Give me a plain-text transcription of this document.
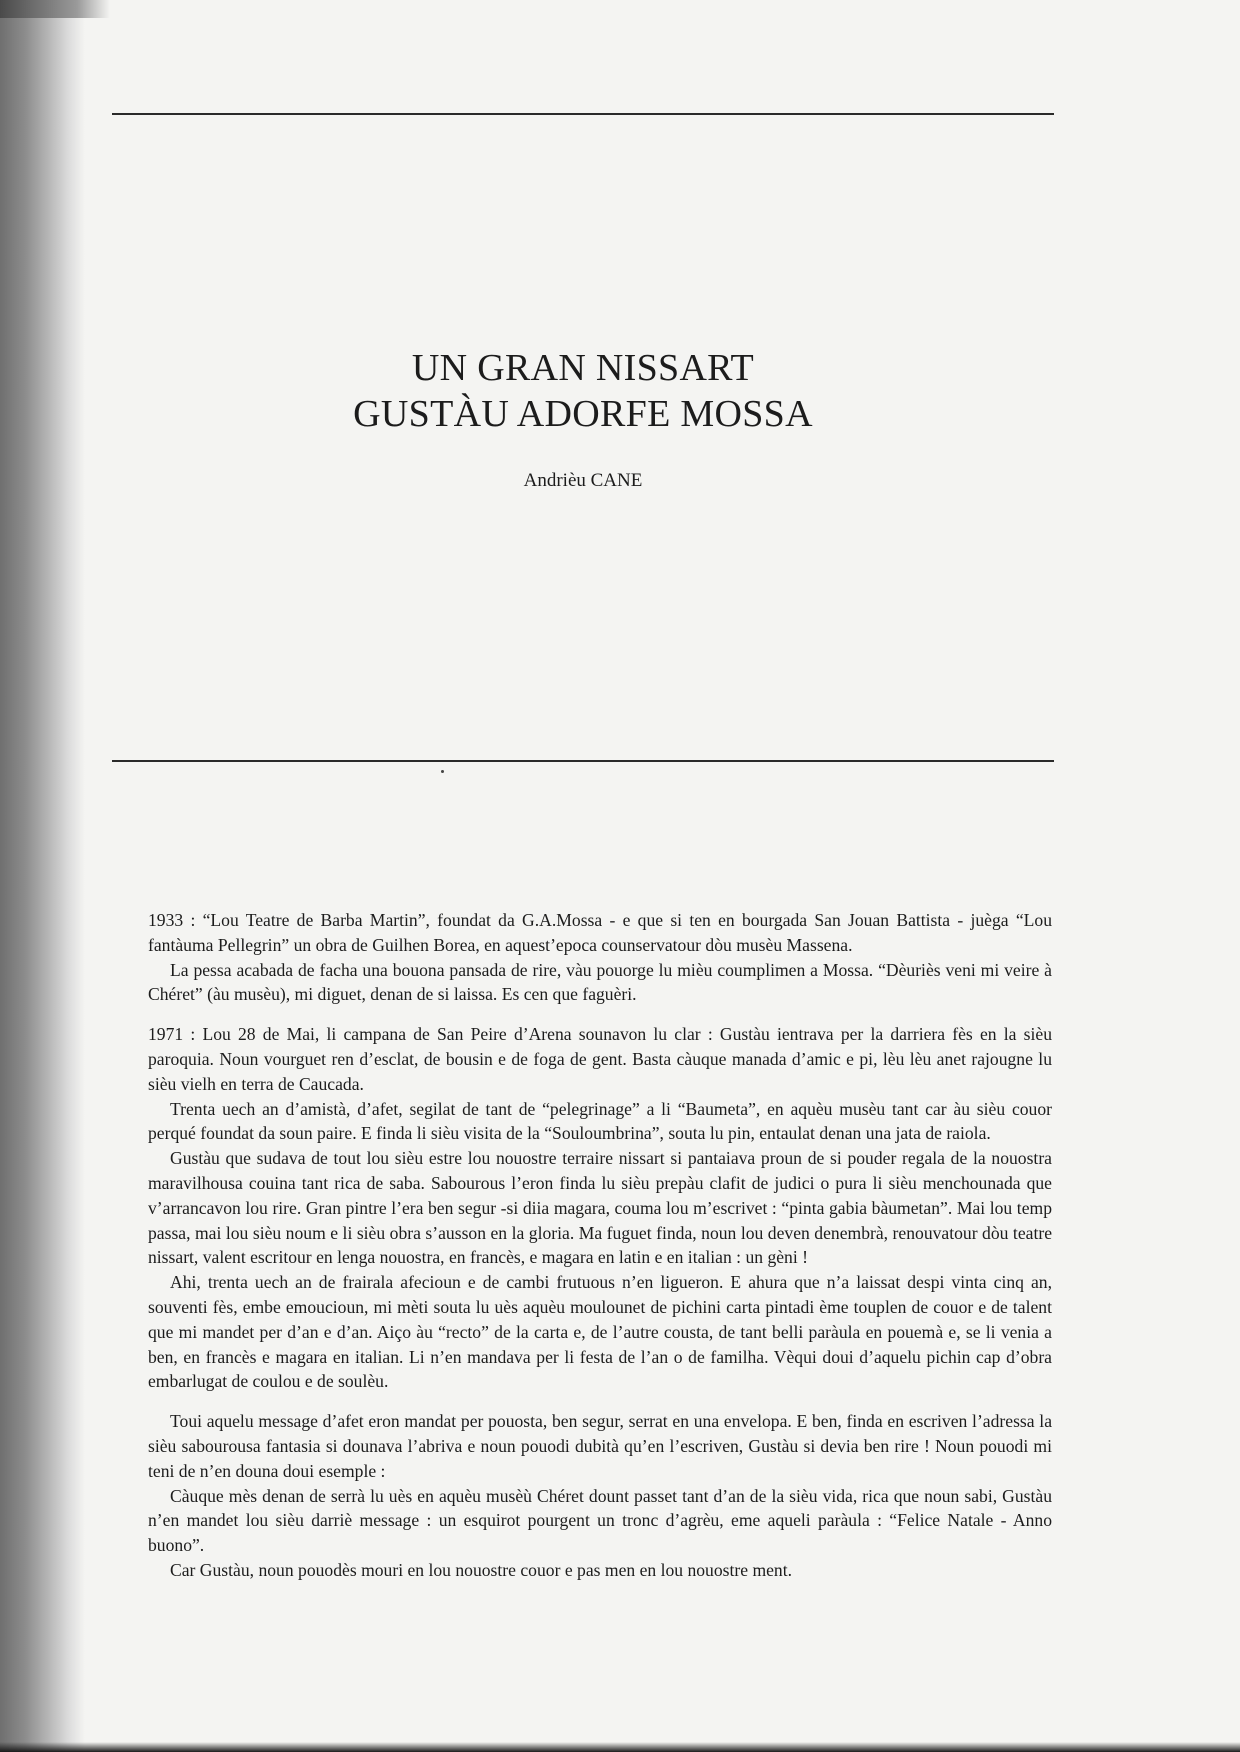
UN GRAN NISSART
GUSTÀU ADORFE MOSSA

Andrièu CANE

1933 : “Lou Teatre de Barba Martin”, foundat da G.A.Mossa - e que si ten en bourgada San Jouan Battista - juèga “Lou fantàuma Pellegrin” un obra de Guilhen Borea, en aquest’epoca counservatour dòu musèu Massena.

La pessa acabada de facha una bouona pansada de rire, vàu pouorge lu mièu coumplimen a Mossa. “Dèuriès veni mi veire à Chéret” (àu musèu), mi diguet, denan de si laissa. Es cen que faguèri.

1971 : Lou 28 de Mai, li campana de San Peire d’Arena sounavon lu clar : Gustàu ientrava per la darriera fès en la sièu paroquia. Noun vourguet ren d’esclat, de bousin e de foga de gent. Basta càuque manada d’amic e pi, lèu lèu anet rajougne lu sièu vielh en terra de Caucada.

Trenta uech an d’amistà, d’afet, segilat de tant de “pelegrinage” a li “Baumeta”, en aquèu musèu tant car àu sièu couor perqué foundat da soun paire. E finda li sièu visita de la “Souloumbrina”, souta lu pin, entaulat denan una jata de raiola.

Gustàu que sudava de tout lou sièu estre lou nouostre terraire nissart si pantaiava proun de si pouder regala de la nouostra maravilhousa couina tant rica de saba. Sabourous l’eron finda lu sièu prepàu clafit de judici o pura li sièu menchounada que v’arrancavon lou rire. Gran pintre l’era ben segur -si diia magara, couma lou m’escrivet : “pinta gabia bàumetan”. Mai lou temp passa, mai lou sièu noum e li sièu obra s’ausson en la gloria. Ma fuguet finda, noun lou deven denembrà, renouvatour dòu teatre nissart, valent escritour en lenga nouostra, en francès, e magara en latin e en italian : un gèni !

Ahi, trenta uech an de frairala afecioun e de cambi frutuous n’en ligueron. E ahura que n’a laissat despi vinta cinq an, souventi fès, embe emoucioun, mi mèti souta lu uès aquèu moulounet de pichini carta pintadi ème touplen de couor e de talent que mi mandet per d’an e d’an. Aiço àu “recto” de la carta e, de l’autre cousta, de tant belli paràula en pouemà e, se li venia a ben, en francès e magara en italian. Li n’en mandava per li festa de l’an o de familha. Vèqui doui d’aquelu pichin cap d’obra embarlugat de coulou e de soulèu.

Toui aquelu message d’afet eron mandat per pouosta, ben segur, serrat en una envelopa. E ben, finda en escriven l’adressa la sièu sabourousa fantasia si dounava l’abriva e noun pouodi dubità qu’en l’escriven, Gustàu si devia ben rire ! Noun pouodi mi teni de n’en douna doui esemple :

Càuque mès denan de serrà lu uès en aquèu musèù Chéret dount passet tant d’an de la sièu vida, rica que noun sabi, Gustàu n’en mandet lou sièu darriè message : un esquirot pourgent un tronc d’agrèu, eme aqueli paràula : “Felice Natale - Anno buono”.

Car Gustàu, noun pouodès mouri en lou nouostre couor e pas men en lou nouostre ment.
